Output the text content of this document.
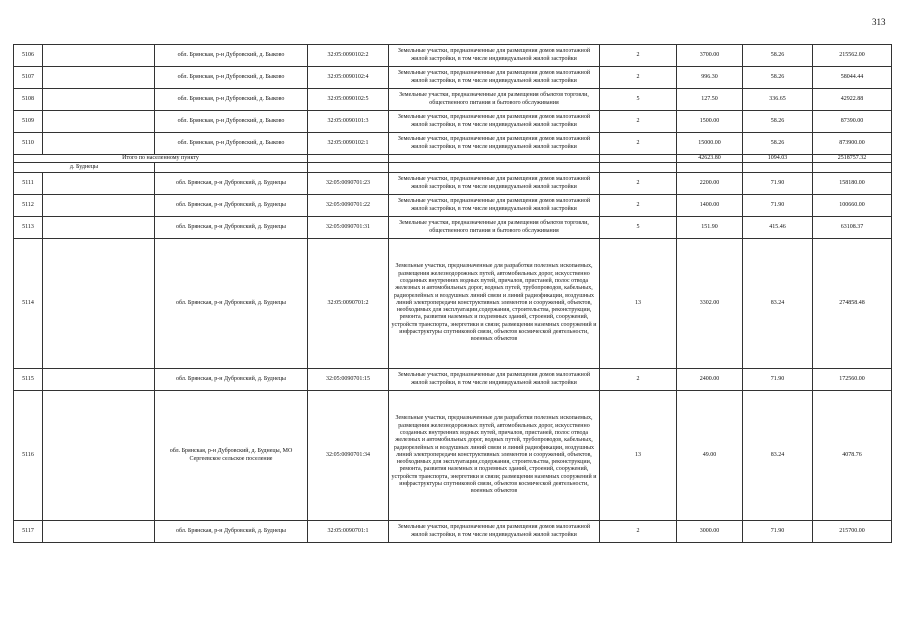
313
5106		обл. Брянская, р-н Дубровский, д. Быково	32:05:0090102:2	Земельные участки, предназначенные для размещения домов малоэтажной жилой застройки, в том числе индивидуальной жилой застройки	2	3700.00	58.26	215562.00
5107		обл. Брянская, р-н Дубровский, д. Быково	32:05:0090102:4	Земельные участки, предназначенные для размещения домов малоэтажной жилой застройки, в том числе индивидуальной жилой застройки	2	996.30	58.26	58044.44
5108		обл. Брянская, р-н Дубровский, д. Быково	32:05:0090102:5	Земельные участки, предназначенные для размещения объектов торговли, общественного питания и бытового обслуживания	5	127.50	336.65	42922.88
5109		обл. Брянская, р-н Дубровский, д. Быково	32:05:0090101:3	Земельные участки, предназначенные для размещения домов малоэтажной жилой застройки, в том числе индивидуальной жилой застройки	2	1500.00	58.26	87390.00
5110		обл. Брянская, р-н Дубровский, д. Быково	32:05:0090102:1	Земельные участки, предназначенные для размещения домов малоэтажной жилой застройки, в том числе индивидуальной жилой застройки	2	15000.00	58.26	873900.00
Итого по населенному пункту						42623.80	1094.03	2518757.32
д. Буднецы								
5111		обл. Брянская, р-н Дубровский, д. Буднецы	32:05:0090701:23	Земельные участки, предназначенные для размещения домов малоэтажной жилой застройки, в том числе индивидуальной жилой застройки	2	2200.00	71.90	158180.00
5112		обл. Брянская, р-н Дубровский, д. Буднецы	32:05:0090701:22	Земельные участки, предназначенные для размещения домов малоэтажной жилой застройки, в том числе индивидуальной жилой застройки	2	1400.00	71.90	100660.00
5113		обл. Брянская, р-н Дубровский, д. Буднецы	32:05:0090701:31	Земельные участки, предназначенные для размещения объектов торговли, общественного питания и бытового обслуживания	5	151.90	415.46	63108.37
5114		обл. Брянская, р-н Дубровский, д. Буднецы	32:05:0090701:2	Земельные участки, предназначенные для разработки полезных ископаемых, размещения железнодорожных путей, автомобильных дорог, искусственно созданных внутренних водных путей, причалов, пристаней, полос отвода железных и автомобильных дорог, водных путей, трубопроводов, кабельных, радиорелейных и воздушных линий связи и линий радиофикации, воздушных линий электропередачи конструктивных элементов и сооружений, объектов, необходимых для эксплуатации,содержания, строительства, реконструкции, ремонта, развития наземных и подземных зданий, строений, сооружений, устройств транспорта, энергетики и связи; размещения наземных сооружений и инфраструктуры спутниковой связи, объектов космической деятельности, военных объектов	13	3302.00	83.24	274858.48
5115		обл. Брянская, р-н Дубровский, д. Буднецы	32:05:0090701:15	Земельные участки, предназначенные для размещения домов малоэтажной жилой застройки, в том числе индивидуальной жилой застройки	2	2400.00	71.90	172560.00
5116		обл. Брянская, р-н Дубровский, д. Буднецы, МО Сергеевское сельское поселение	32:05:0090701:34	Земельные участки, предназначенные для разработки полезных ископаемых, размещения железнодорожных путей, автомобильных дорог, искусственно созданных внутренних водных путей, причалов, пристаней, полос отвода железных и автомобильных дорог, водных путей, трубопроводов, кабельных, радиорелейных и воздушных линий связи и линий радиофикации, воздушных линий электропередачи конструктивных элементов и сооружений, объектов, необходимых для эксплуатации,содержания, строительства, реконструкции, ремонта, развития наземных и подземных зданий, строений, сооружений, устройств транспорта, энергетики и связи; размещения наземных сооружений и инфраструктуры спутниковой связи, объектов космической деятельности, военных объектов	13	49.00	83.24	4078.76
5117		обл. Брянская, р-н Дубровский, д. Буднецы	32:05:0090701:1	Земельные участки, предназначенные для размещения домов малоэтажной жилой застройки, в том числе индивидуальной жилой застройки	2	3000.00	71.90	215700.00
